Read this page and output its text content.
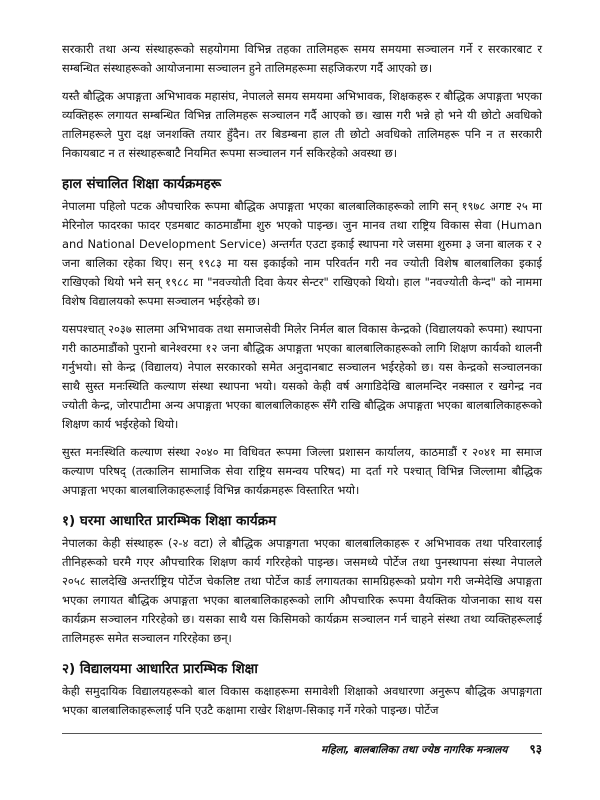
सरकारी तथा अन्य संस्थाहरूको सहयोगमा विभिन्न तहका तालिमहरू समय समयमा सञ्चालन गर्ने र सरकारबाट र सम्बन्धित संस्थाहरूको आयोजनामा सञ्चालन हुने तालिमहरूमा सहजिकरण गर्दै आएको छ।

यस्तै बौद्धिक अपाङ्गता अभिभावक महासंघ, नेपालले समय समयमा अभिभावक, शिक्षकहरू र बौद्धिक अपाङ्गता भएका व्यक्तिहरू लगायत सम्बन्धित विभिन्न तालिमहरू सञ्चालन गर्दै आएको छ। खास गरी भन्ने हो भने यी छोटो अवधिको तालिमहरूले पुरा दक्ष जनशक्ति तयार हुँदैन। तर बिडम्बना हाल ती छोटो अवधिको तालिमहरू पनि न त सरकारी निकायबाट न त संस्थाहरूबाटै नियमित रूपमा सञ्चालन गर्न सकिरहेको अवस्था छ।

हाल संचालित शिक्षा कार्यक्रमहरू

नेपालमा पहिलो पटक औपचारिक रूपमा बौद्धिक अपाङ्गता भएका बालबालिकाहरूको लागि सन् १९७८ अगष्ट २५ मा मेरिनोल फादरका फादर एडमबाट काठमाडौंमा शुरु भएको पाइन्छ। जुन मानव तथा राष्ट्रिय विकास सेवा (Human and National Development Service) अन्तर्गत एउटा इकाई स्थापना गरे जसमा शुरुमा ३ जना बालक र २ जना बालिका रहेका थिए। सन् १९८३ मा यस इकाईको नाम परिवर्तन गरी नव ज्योती विशेष बालबालिका इकाई राखिएको थियो भने सन् १९८८ मा "नवज्योती दिवा केयर सेन्टर" राखिएको थियो। हाल "नवज्योती केन्द" को नाममा विशेष विद्यालयको रूपमा सञ्चालन भईरहेको छ।

यसपश्चात् २०३७ सालमा अभिभावक तथा समाजसेवी मिलेर निर्मल बाल विकास केन्द्रको (विद्यालयको रूपमा) स्थापना गरी काठमाडौंको पुरानो बानेश्वरमा १२ जना बौद्धिक अपाङ्गता भएका बालबालिकाहरूको लागि शिक्षण कार्यको थालनी गर्नुभयो। सो केन्द्र (विद्यालय) नेपाल सरकारको समेत अनुदानबाट सञ्चालन भईरहेको छ। यस केन्द्रको सञ्चालनका साथै सुस्त मनःस्थिति कल्याण संस्था स्थापना भयो। यसको केही वर्ष अगाडिदेखि बालमन्दिर नक्साल र खगेन्द्र नव ज्योती केन्द्र, जोरपाटीमा अन्य अपाङ्गता भएका बालबालिकाहरू सँगै राखि बौद्धिक अपाङ्गता भएका बालबालिकाहरूको शिक्षण कार्य भईरहेको थियो।

सुस्त मनःस्थिति कल्याण संस्था २०४० मा विधिवत रूपमा जिल्ला प्रशासन कार्यालय, काठमाडौं र २०४१ मा समाज कल्याण परिषद् (तत्कालिन सामाजिक सेवा राष्ट्रिय समन्वय परिषद) मा दर्ता गरे पश्चात् विभिन्न जिल्लामा बौद्धिक अपाङ्गता भएका बालबालिकाहरूलाई विभिन्न कार्यक्रमहरू विस्तारित भयो।

१) घरमा आधारित प्रारम्भिक शिक्षा कार्यक्रम

नेपालका केही संस्थाहरू (२-४ वटा) ले बौद्धिक अपाङ्गगता भएका बालबालिकाहरू र अभिभावक तथा परिवारलाई तीनिहरूको घरमै गएर औपचारिक शिक्षण कार्य गरिरहेको पाइन्छ। जसमध्ये पोर्टेज तथा पुनस्थापना संस्था नेपालले २०५८ सालदेखि अन्तर्राष्ट्रिय पोर्टेज चेकलिष्ट तथा पोर्टेज कार्ड लगायतका सामग्रिहरूको प्रयोग गरी जन्मेदेखि अपाङ्गता भएका लगायत बौद्धिक अपाङ्गता भएका बालबालिकाहरूको लागि औपचारिक रूपमा वैयक्तिक योजनाका साथ यस कार्यक्रम सञ्चालन गरिरहेको छ। यसका साथै यस किसिमको कार्यक्रम सञ्चालन गर्न चाहने संस्था तथा व्यक्तिहरूलाई तालिमहरू समेत सञ्चालन गरिरहेका छन्।

२) विद्यालयमा आधारित प्रारम्भिक शिक्षा

केही समुदायिक विद्यालयहरूको बाल विकास कक्षाहरूमा समावेशी शिक्षाको अवधारणा अनुरूप बौद्धिक अपाङ्गगता भएका बालबालिकाहरूलाई पनि एउटै कक्षामा राखेर शिक्षण-सिकाइ गर्ने गरेको पाइन्छ। पोर्टेज

महिला, बालबालिका तथा ज्येष्ठ नागरिक मन्त्रालय ९३
